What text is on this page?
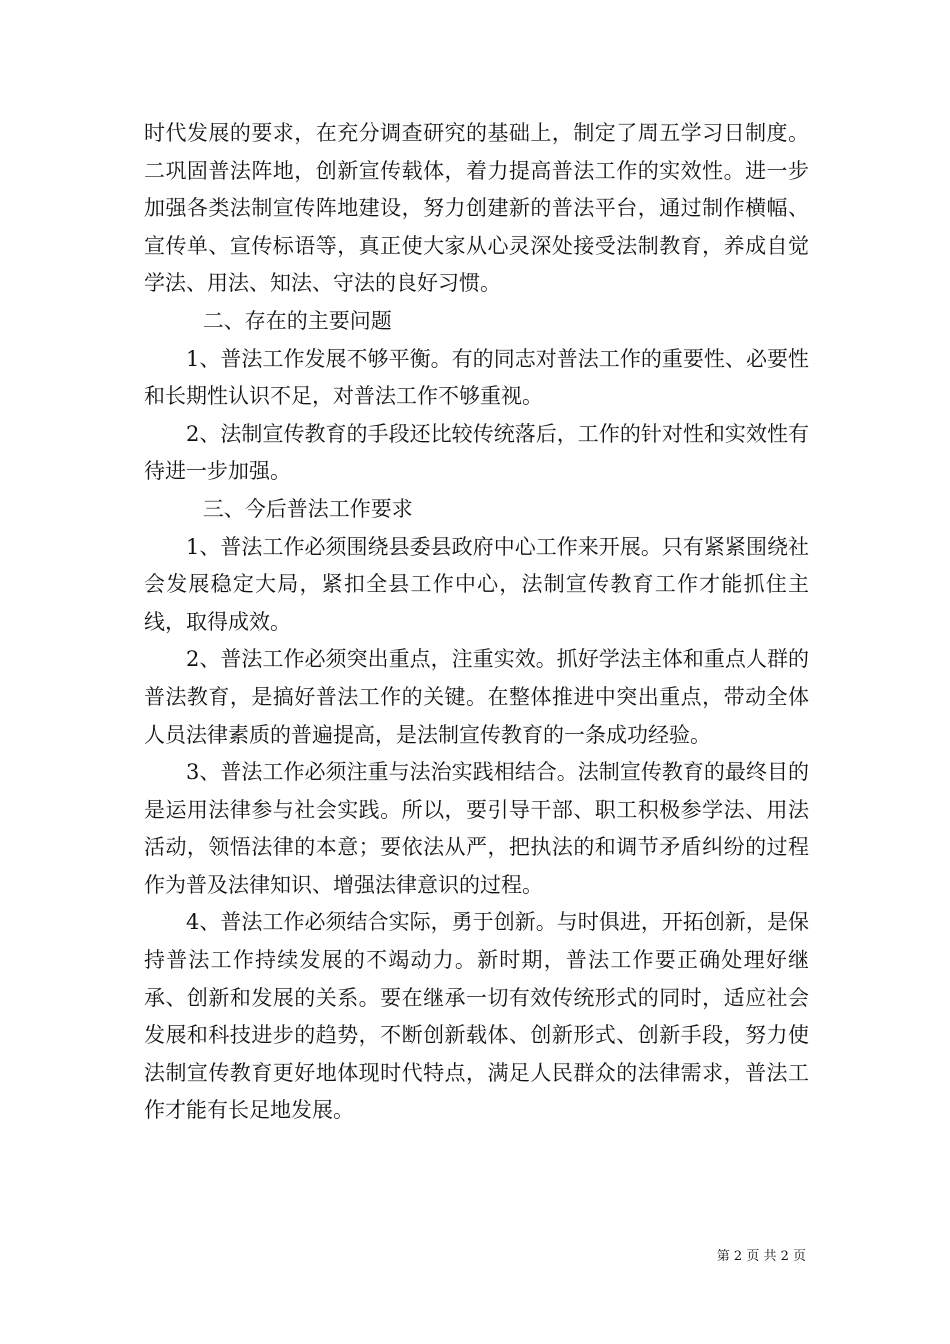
时代发展的要求，在充分调查研究的基础上，制定了周五学习日制度。二巩固普法阵地，创新宣传载体，着力提高普法工作的实效性。进一步加强各类法制宣传阵地建设，努力创建新的普法平台，通过制作横幅、宣传单、宣传标语等，真正使大家从心灵深处接受法制教育，养成自觉学法、用法、知法、守法的良好习惯。

二、存在的主要问题

1、普法工作发展不够平衡。有的同志对普法工作的重要性、必要性和长期性认识不足，对普法工作不够重视。

2、法制宣传教育的手段还比较传统落后，工作的针对性和实效性有待进一步加强。

三、今后普法工作要求

1、普法工作必须围绕县委县政府中心工作来开展。只有紧紧围绕社会发展稳定大局，紧扣全县工作中心，法制宣传教育工作才能抓住主线，取得成效。

2、普法工作必须突出重点，注重实效。抓好学法主体和重点人群的普法教育，是搞好普法工作的关键。在整体推进中突出重点，带动全体人员法律素质的普遍提高，是法制宣传教育的一条成功经验。

3、普法工作必须注重与法治实践相结合。法制宣传教育的最终目的是运用法律参与社会实践。所以，要引导干部、职工积极参学法、用法活动，领悟法律的本意；要依法从严，把执法的和调节矛盾纠纷的过程作为普及法律知识、增强法律意识的过程。

4、普法工作必须结合实际，勇于创新。与时俱进，开拓创新，是保持普法工作持续发展的不竭动力。新时期，普法工作要正确处理好继承、创新和发展的关系。要在继承一切有效传统形式的同时，适应社会发展和科技进步的趋势，不断创新载体、创新形式、创新手段，努力使法制宣传教育更好地体现时代特点，满足人民群众的法律需求，普法工作才能有长足地发展。

第 2 页 共 2 页
